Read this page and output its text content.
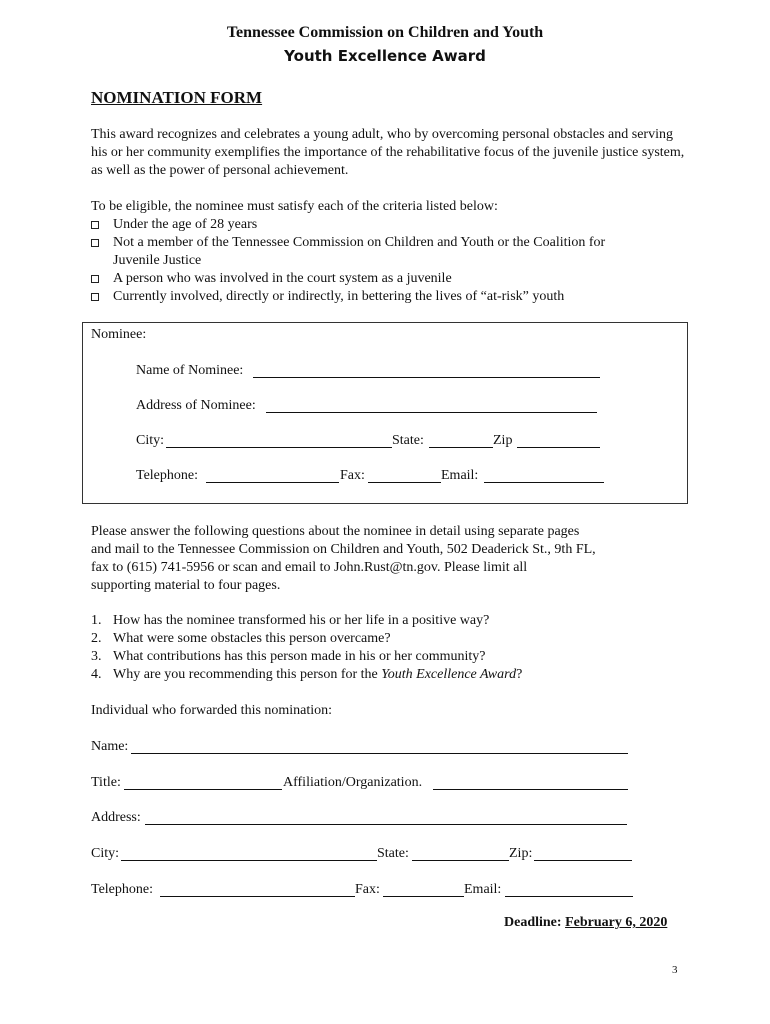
Tennessee Commission on Children and Youth
Youth Excellence Award
NOMINATION FORM
This award recognizes and celebrates a young adult, who by overcoming personal obstacles and serving his or her community exemplifies the importance of the rehabilitative focus of the juvenile justice system, as well as the power of personal achievement.
To be eligible, the nominee must satisfy each of the criteria listed below:
Under the age of 28 years
Not a member of the Tennessee Commission on Children and Youth or the Coalition for
Juvenile Justice
A person who was involved in the court system as a juvenile
Currently involved, directly or indirectly, in bettering the lives of “at-risk” youth
Nominee:
Name of Nominee:
Address of Nominee:
City:	State:	Zip
Telephone:	Fax:	Email:
Please answer the following questions about the nominee in detail using separate pages
and mail to the Tennessee Commission on Children and Youth, 502 Deaderick St., 9th FL,
fax to (615) 741-5956 or scan and email to John.Rust@tn.gov. Please limit all
supporting material to four pages.
1. How has the nominee transformed his or her life in a positive way?
2. What were some obstacles this person overcame?
3. What contributions has this person made in his or her community?
4. Why are you recommending this person for the Youth Excellence Award?
Individual who forwarded this nomination:
Name:
Title:	Affiliation/Organization.
Address:
City:	State:	Zip:
Telephone:	Fax:	Email:
Deadline: February 6, 2020
3
